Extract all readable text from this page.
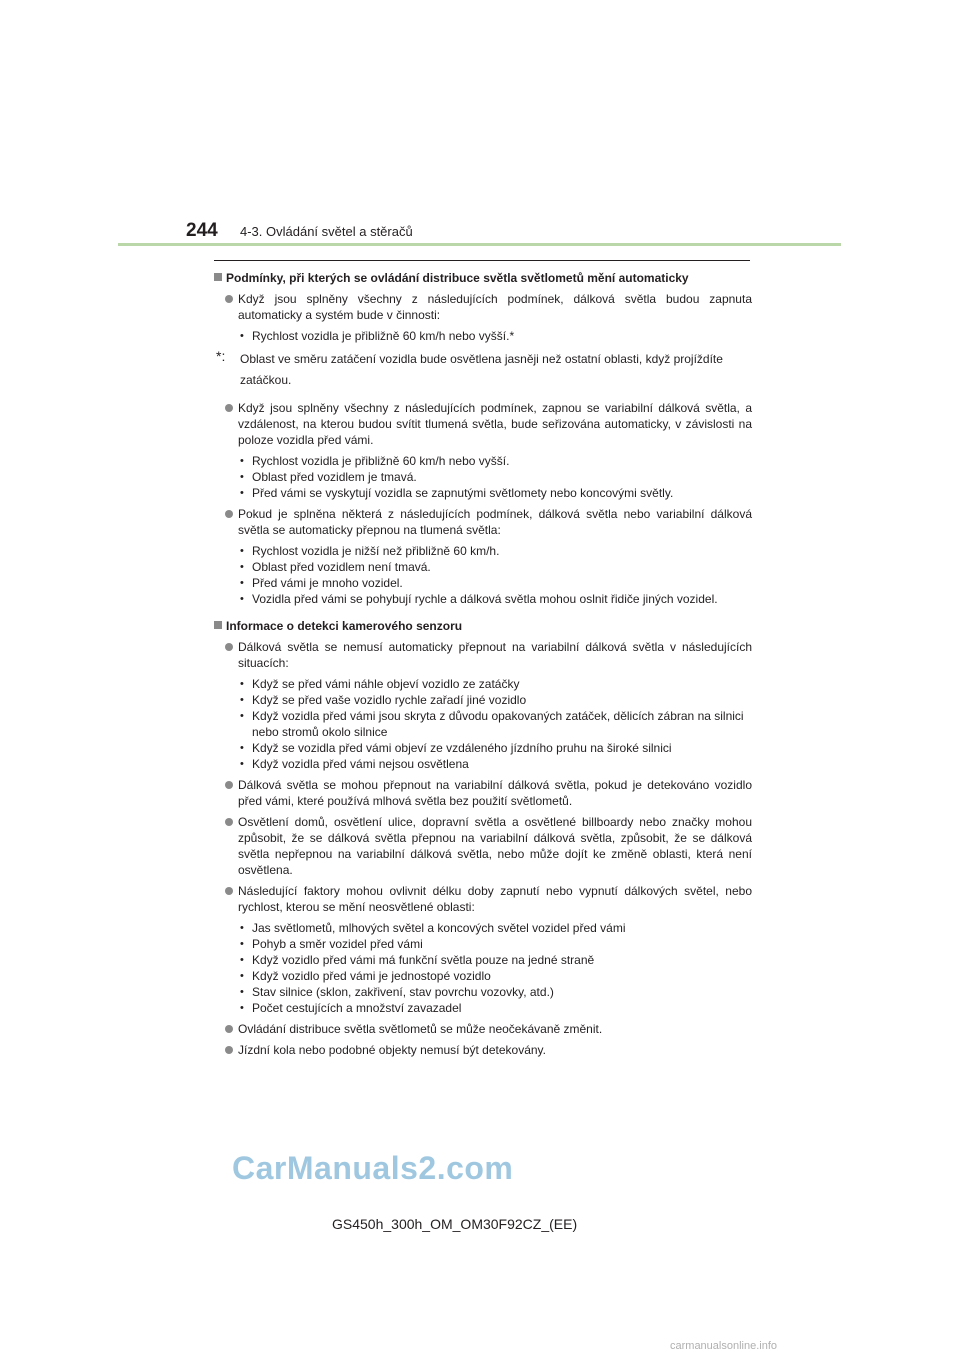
244	4-3. Ovládání světel a stěračů
Podmínky, při kterých se ovládání distribuce světla světlometů mění automaticky
Když jsou splněny všechny z následujících podmínek, dálková světla budou zapnuta automaticky a systém bude v činnosti:
• Rychlost vozidla je přibližně 60 km/h nebo vyšší.*
*: Oblast ve směru zatáčení vozidla bude osvětlena jasněji než ostatní oblasti, když projíždíte zatáčkou.
Když jsou splněny všechny z následujících podmínek, zapnou se variabilní dálková světla, a vzdálenost, na kterou budou svítit tlumená světla, bude seřizována automaticky, v závislosti na poloze vozidla před vámi.
• Rychlost vozidla je přibližně 60 km/h nebo vyšší.
• Oblast před vozidlem je tmavá.
• Před vámi se vyskytují vozidla se zapnutými světlomety nebo koncovými světly.
Pokud je splněna některá z následujících podmínek, dálková světla nebo variabilní dálková světla se automaticky přepnou na tlumená světla:
• Rychlost vozidla je nižší než přibližně 60 km/h.
• Oblast před vozidlem není tmavá.
• Před vámi je mnoho vozidel.
• Vozidla před vámi se pohybují rychle a dálková světla mohou oslnit řidiče jiných vozidel.
Informace o detekci kamerového senzoru
Dálková světla se nemusí automaticky přepnout na variabilní dálková světla v následujících situacích:
• Když se před vámi náhle objeví vozidlo ze zatáčky
• Když se před vaše vozidlo rychle zařadí jiné vozidlo
• Když vozidla před vámi jsou skryta z důvodu opakovaných zatáček, dělicích zábran na silnici nebo stromů okolo silnice
• Když se vozidla před vámi objeví ze vzdáleného jízdního pruhu na široké silnici
• Když vozidla před vámi nejsou osvětlena
Dálková světla se mohou přepnout na variabilní dálková světla, pokud je detekováno vozidlo před vámi, které používá mlhová světla bez použití světlometů.
Osvětlení domů, osvětlení ulice, dopravní světla a osvětlené billboardy nebo značky mohou způsobit, že se dálková světla přepnou na variabilní dálková světla, způsobit, že se dálková světla nepřepnou na variabilní dálková světla, nebo může dojít ke změně oblasti, která není osvětlena.
Následující faktory mohou ovlivnit délku doby zapnutí nebo vypnutí dálkových světel, nebo rychlost, kterou se mění neosvětlené oblasti:
• Jas světlometů, mlhových světel a koncových světel vozidel před vámi
• Pohyb a směr vozidel před vámi
• Když vozidlo před vámi má funkční světla pouze na jedné straně
• Když vozidlo před vámi je jednostopé vozidlo
• Stav silnice (sklon, zakřivení, stav povrchu vozovky, atd.)
• Počet cestujících a množství zavazadel
Ovládání distribuce světla světlometů se může neočekávaně změnit.
Jízdní kola nebo podobné objekty nemusí být detekovány.
CarManuals2.com
GS450h_300h_OM_OM30F92CZ_(EE)
carmanualsonline.info
